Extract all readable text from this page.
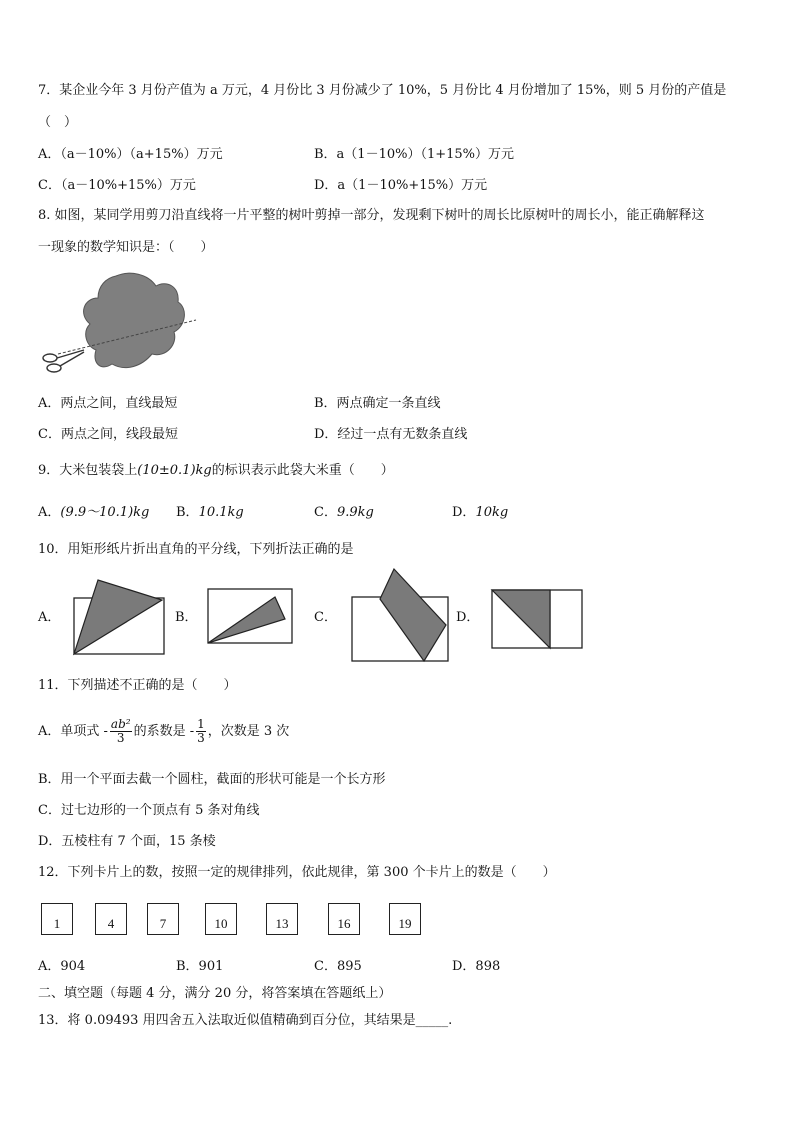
7．某企业今年 3 月份产值为 a 万元，4 月份比 3 月份减少了 10%，5 月份比 4 月份增加了 15%，则 5 月份的产值是
（　）
A．（a－10%）（a+15%）万元	B．a（1－10%）（1+15%）万元
C．（a－10%+15%）万元	D．a（1－10%+15%）万元
8. 如图，某同学用剪刀沿直线将一片平整的树叶剪掉一部分，发现剩下树叶的周长比原树叶的周长小，能正确解释这
一现象的数学知识是：（　　）
A．两点之间，直线最短	B．两点确定一条直线
C．两点之间，线段最短	D．经过一点有无数条直线
9．大米包装袋上(10±0.1)kg的标识表示此袋大米重（　　）
A．(9.9～10.1)kg B．10.1kg	C．9.9kg	D．10kg
10．用矩形纸片折出直角的平分线，下列折法正确的是
A．	B．	C．	D．
11．下列描述不正确的是（　　）
A．单项式 - $\frac{\text{ab²}}{3}$ 的系数是 - $\frac{1}{3}$ ，次数是 3 次
B．用一个平面去截一个圆柱，截面的形状可能是一个长方形
C．过七边形的一个顶点有 5 条对角线
D．五棱柱有 7 个面，15 条棱
12．下列卡片上的数，按照一定的规律排列，依此规律，第 300 个卡片上的数是（　　）
1	4	7	10	13	16	19
A．904	B．901	C．895	D．898
二、填空题（每题 4 分，满分 20 分，将答案填在答题纸上）
13．将 0.09493 用四舍五入法取近似值精确到百分位，其结果是_____.
